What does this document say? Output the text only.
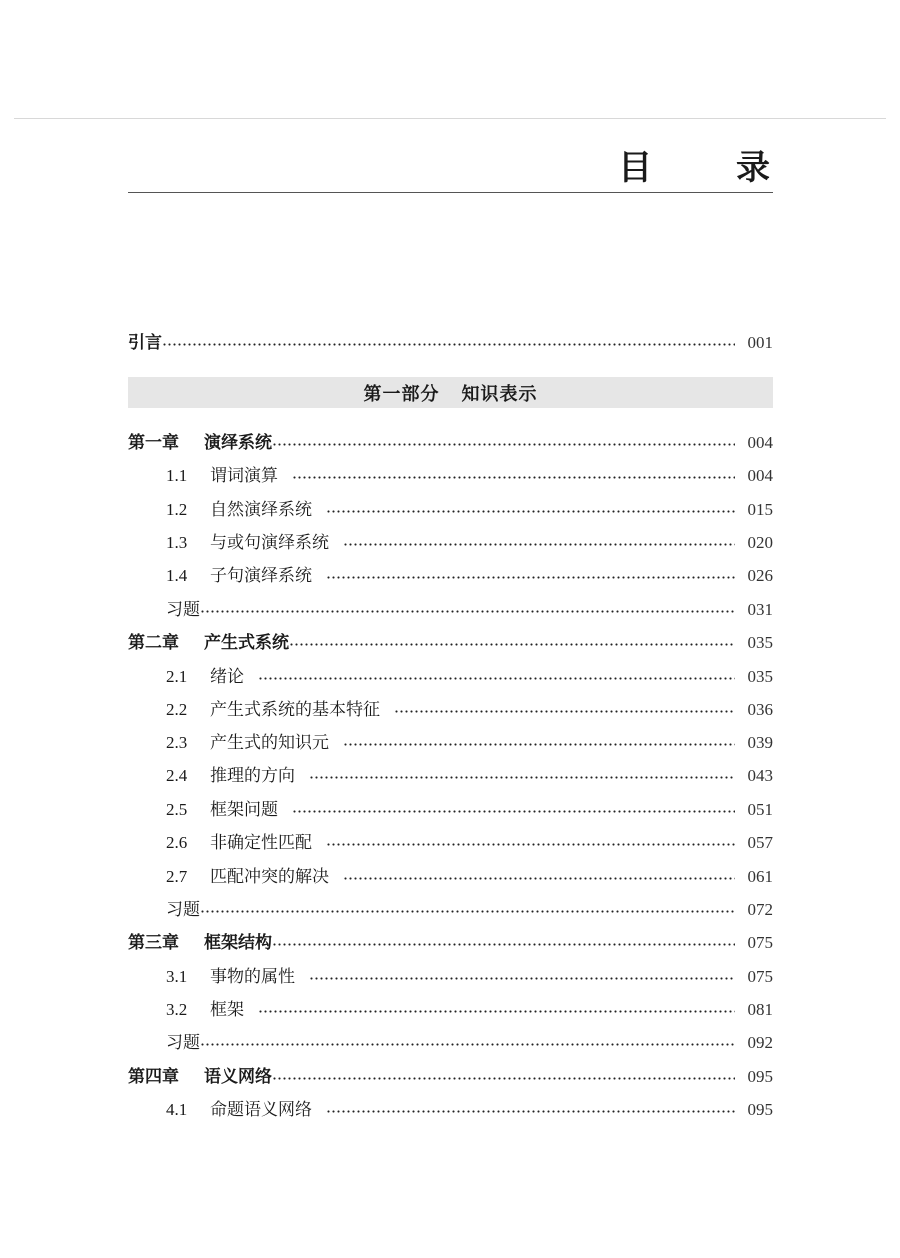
目 录
引言	001
第一章	演绎系统	004
1.1	谓词演算	004
1.2	自然演绎系统	015
1.3	与或句演绎系统	020
1.4	子句演绎系统	026
习题	031
第二章	产生式系统	035
2.1	绪论	035
2.2	产生式系统的基本特征	036
2.3	产生式的知识元	039
2.4	推理的方向	043
2.5	框架问题	051
2.6	非确定性匹配	057
2.7	匹配冲突的解决	061
习题	072
第三章	框架结构	075
3.1	事物的属性	075
3.2	框架	081
习题	092
第四章	语义网络	095
4.1	命题语义网络	095
第一部分 知识表示
